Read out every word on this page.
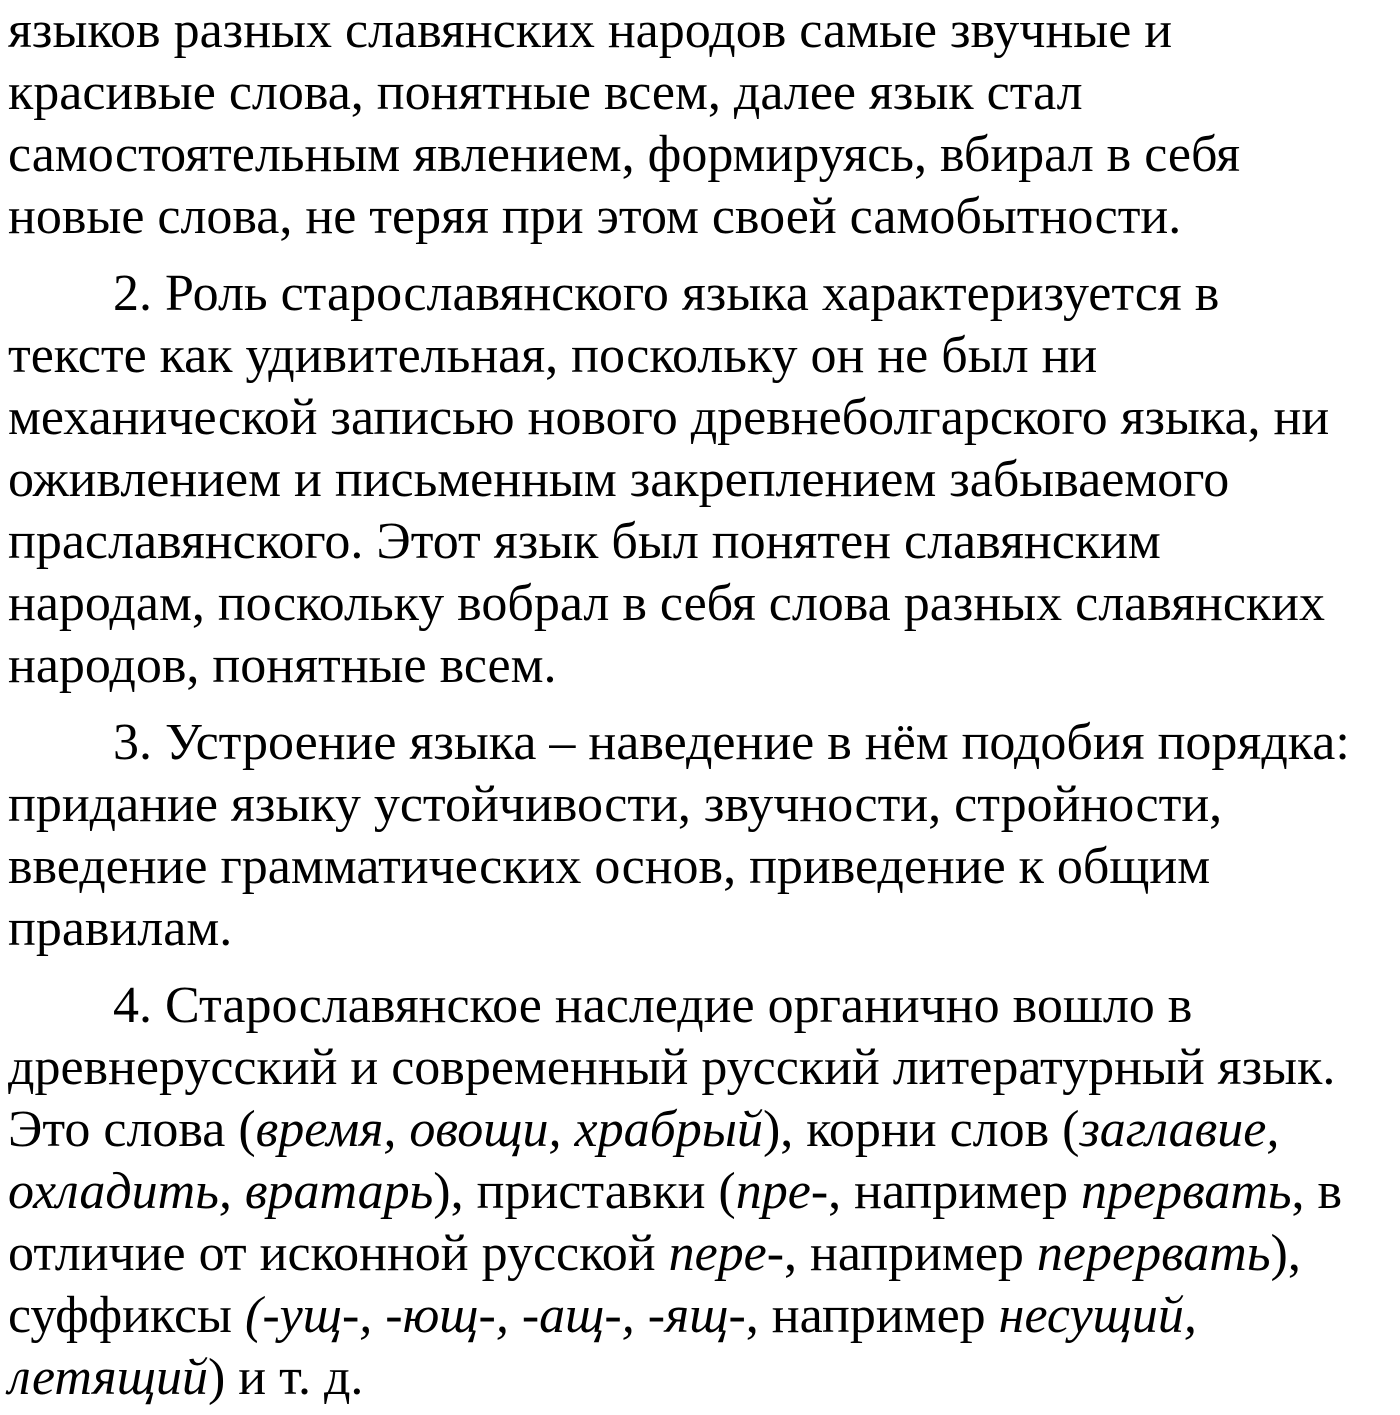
языков разных славянских народов самые звучные и
красивые слова, понятные всем, далее язык стал
самостоятельным явлением, формируясь, вбирал в себя
новые слова, не теряя при этом своей самобытности.
2. Роль старославянского языка характеризуется в
тексте как удивительная, поскольку он не был ни
механической записью нового древнеболгарского языка, ни
оживлением и письменным закреплением забываемого
праславянского. Этот язык был понятен славянским
народам, поскольку вобрал в себя слова разных славянских
народов, понятные всем.
3. Устроение языка – наведение в нём подобия порядка:
придание языку устойчивости, звучности, стройности,
введение грамматических основ, приведение к общим
правилам.
4. Старославянское наследие органично вошло в
древнерусский и современный русский литературный язык.
Это слова (время, овощи, храбрый), корни слов (заглавие,
охладить, вратарь), приставки (пре-, например прервать, в
отличие от исконной русской пере-, например перервать),
суффиксы (-ущ-, -ющ-, -ащ-, -ящ-, например несущий,
летящий) и т. д.
